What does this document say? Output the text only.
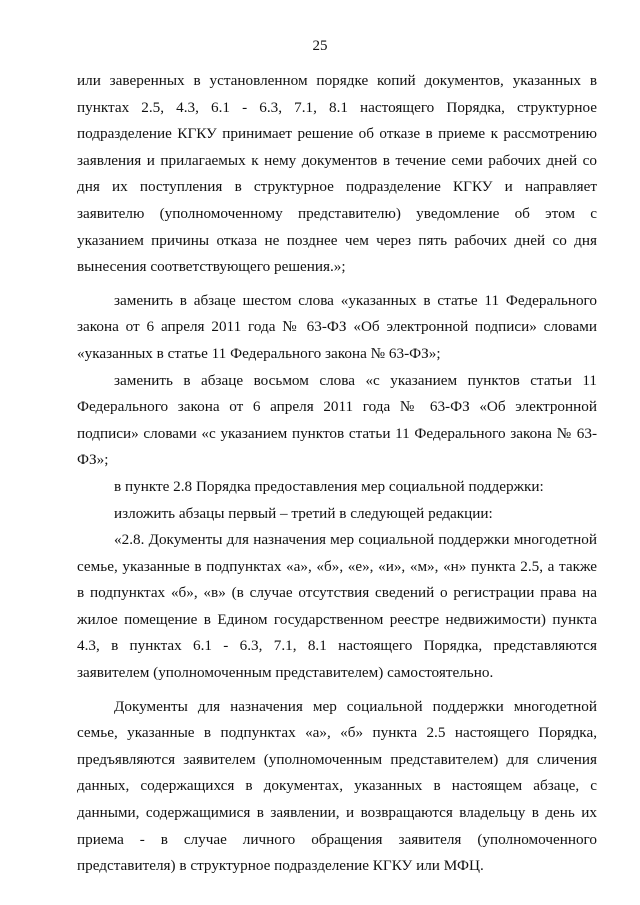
25

или заверенных в установленном порядке копий документов, указанных в пунктах 2.5, 4.3, 6.1 - 6.3, 7.1, 8.1 настоящего Порядка, структурное подразделение КГКУ принимает решение об отказе в приеме к рассмотрению заявления и прилагаемых к нему документов в течение семи рабочих дней со дня их поступления в структурное подразделение КГКУ и направляет заявителю (уполномоченному представителю) уведомление об этом с указанием причины отказа не позднее чем через пять рабочих дней со дня вынесения соответствующего решения.»;

заменить в абзаце шестом слова «указанных в статье 11 Федерального закона от 6 апреля 2011 года № 63-ФЗ «Об электронной подписи» словами «указанных в статье 11 Федерального закона № 63-ФЗ»;

заменить в абзаце восьмом слова «с указанием пунктов статьи 11 Федерального закона от 6 апреля 2011 года № 63-ФЗ «Об электронной подписи» словами «с указанием пунктов статьи 11 Федерального закона № 63-ФЗ»;

в пункте 2.8 Порядка предоставления мер социальной поддержки:

изложить абзацы первый – третий в следующей редакции:

«2.8. Документы для назначения мер социальной поддержки многодетной семье, указанные в подпунктах «а», «б», «е», «и», «м», «н» пункта 2.5, а также в подпунктах «б», «в» (в случае отсутствия сведений о регистрации права на жилое помещение в Едином государственном реестре недвижимости) пункта 4.3, в пунктах 6.1 - 6.3, 7.1, 8.1 настоящего Порядка, представляются заявителем (уполномоченным представителем) самостоятельно.

Документы для назначения мер социальной поддержки многодетной семье, указанные в подпунктах «а», «б» пункта 2.5 настоящего Порядка, предъявляются заявителем (уполномоченным представителем) для сличения данных, содержащихся в документах, указанных в настоящем абзаце, с данными, содержащимися в заявлении, и возвращаются владельцу в день их приема - в случае личного обращения заявителя (уполномоченного представителя) в структурное подразделение КГКУ или МФЦ.
